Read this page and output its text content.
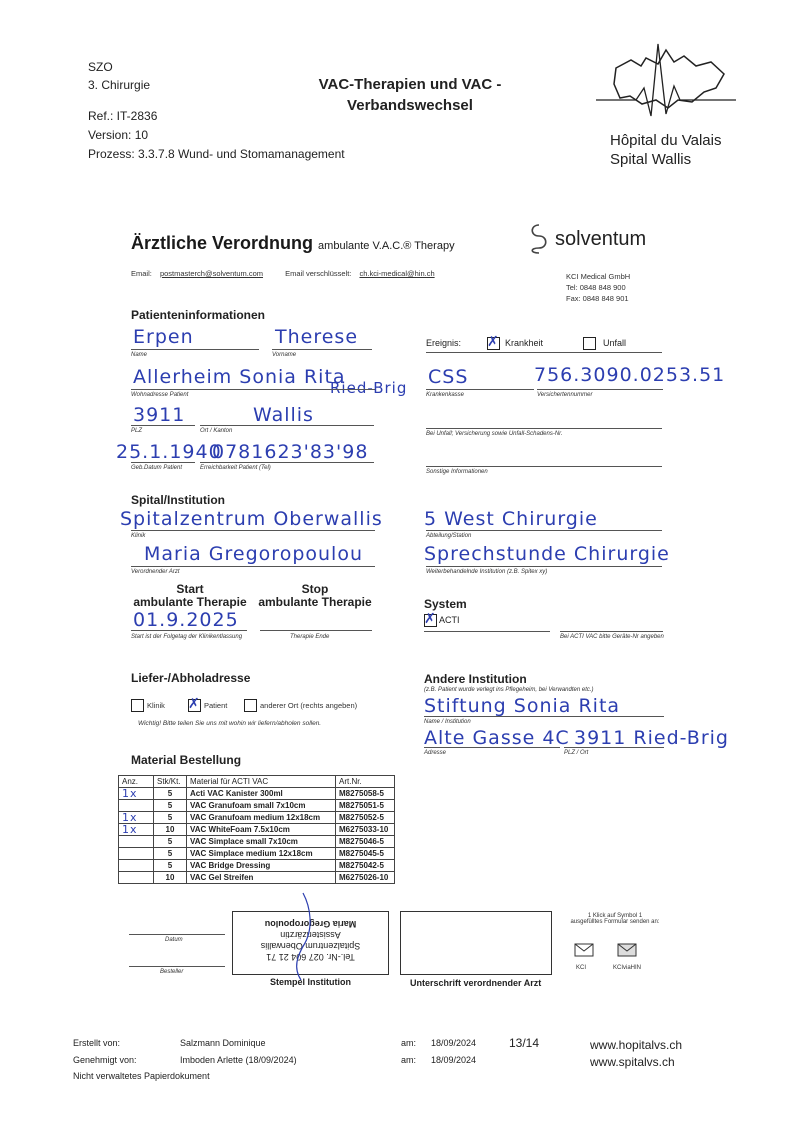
SZO
3. Chirurgie
Ref.: IT-2836
Version: 10
Prozess: 3.3.7.8 Wund- und Stomamanagement
VAC-Therapien und VAC -
Verbandswechsel
Hôpital du Valais
Spital Wallis
Ärztliche Verordnung ambulante V.A.C.® Therapy	solventum
Email: postmasterch@solventum.com	Email verschlüsselt: ch.kci-medical@hin.ch	KCI Medical GmbH
Tel: 0848 848 900
Fax: 0848 848 901
Patienteninformationen
Erpen
Name
Therese
Vorname
Ereignis: ✗	Krankheit	Unfall
Allerheim Sonia Rita
Ried-Brig
Wohnadresse Patient
CSS	756.3090.0253.51
Krankenkasse	Versichertennummer
3911	Wallis
PLZ	Ort / Kanton	Bei Unfall; Versicherung sowie Unfall-Schadens-Nr.
25.1.1940
0781623'83'98
Geb.Datum Patient	Erreichbarkeit Patient (Tel)
Sonstige Informationen
Spital/Institution
Spitalzentrum Oberwallis
Klinik
5 West Chirurgie
Abteilung/Station
Maria Gregoropoulou
Verordnender Arzt
Sprechstunde Chirurgie
Weiterbehandelnde Institution (z.B. Spitex xy)
Start
ambulante Therapie
Stop
ambulante Therapie
01.9.2025
Start ist der Folgetag der Klinikentlassung	Therapie Ende
System
✗
ACTI
Bei ACTI VAC bitte Geräte-Nr angeben
Liefer-/Abholadresse
Klinik ✗	Patient	anderer Ort (rechts angeben)
Wichtig! Bitte teilen Sie uns mit wohin wir liefern/abholen sollen.
Andere Institution
(z.B. Patient wurde verlegt ins Pflegeheim, bei Verwandten etc.)
Stiftung Sonia Rita
Name / Institution
Alte Gasse 4C 3911 Ried-Brig
Adresse	PLZ / Ort
Material Bestellung
Anz.	Stk/Kt.	Material für ACTI VAC	Art.Nr.
1x	5	Acti VAC Kanister 300ml	M8275058-5
	5	VAC Granufoam small 7x10cm	M8275051-5
1x	5	VAC Granufoam medium 12x18cm	M8275052-5
1x	10	VAC WhiteFoam 7.5x10cm	M6275033-10
	5	VAC Simplace small 7x10cm	M8275046-5
	5	VAC Simplace medium 12x18cm	M8275045-5
	5	VAC Bridge Dressing	M8275042-5
	10	VAC Gel Streifen	M6275026-10
Datum
Besteller
Tel.-Nr. 027 604 21 71
Spitalzentrum Oberwallis
Assistenzärztin
Maria Gregoropoulou
Stempel Institution	Unterschrift verordnender Arzt
1 Klick auf Symbol 1
ausgefülltes Formular senden an:
KCI	KCIviaHIN
Erstellt von:	Salzmann Dominique
Genehmigt von:	Imboden Arlette (18/09/2024)
Nicht verwaltetes Papierdokument
am: 18/09/2024
am: 18/09/2024
13/14	www.hopitalvs.ch
www.spitalvs.ch
